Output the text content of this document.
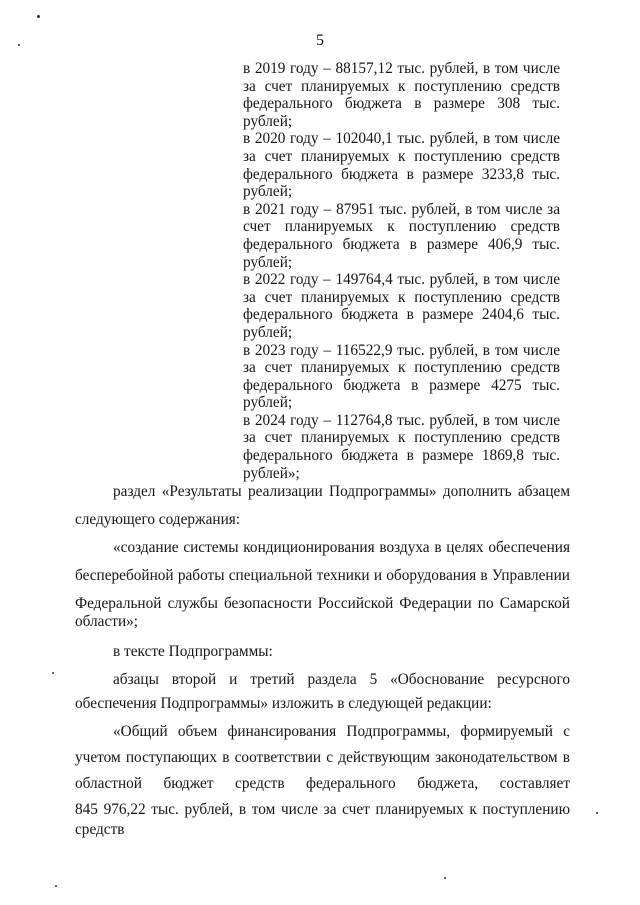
5
в 2019 году – 88157,12 тыс. рублей, в том числе
за счет планируемых к поступлению средств
федерального бюджета в размере 308 тыс.
рублей;
в 2020 году – 102040,1 тыс. рублей, в том числе
за счет планируемых к поступлению средств
федерального бюджета в размере 3233,8 тыс.
рублей;
в 2021 году – 87951 тыс. рублей, в том числе за
счет планируемых к поступлению средств
федерального бюджета в размере 406,9 тыс.
рублей;
в 2022 году – 149764,4 тыс. рублей, в том числе
за счет планируемых к поступлению средств
федерального бюджета в размере 2404,6 тыс.
рублей;
в 2023 году – 116522,9 тыс. рублей, в том числе
за счет планируемых к поступлению средств
федерального бюджета в размере 4275 тыс.
рублей;
в 2024 году – 112764,8 тыс. рублей, в том числе
за счет планируемых к поступлению средств
федерального бюджета в размере 1869,8 тыс.
рублей»;
раздел «Результаты реализации Подпрограммы» дополнить абзацем
следующего содержания:
«создание системы кондиционирования воздуха в целях обеспечения
бесперебойной работы специальной техники и оборудования в Управлении
Федеральной службы безопасности Российской Федерации по Самарской
области»;
в тексте Подпрограммы:
абзацы второй и третий раздела 5 «Обоснование ресурсного
обеспечения Подпрограммы» изложить в следующей редакции:
«Общий объем финансирования Подпрограммы, формируемый с
учетом поступающих в соответствии с действующим законодательством в
областной бюджет средств федерального бюджета, составляет
845 976,22 тыс. рублей, в том числе за счет планируемых к поступлению средств
